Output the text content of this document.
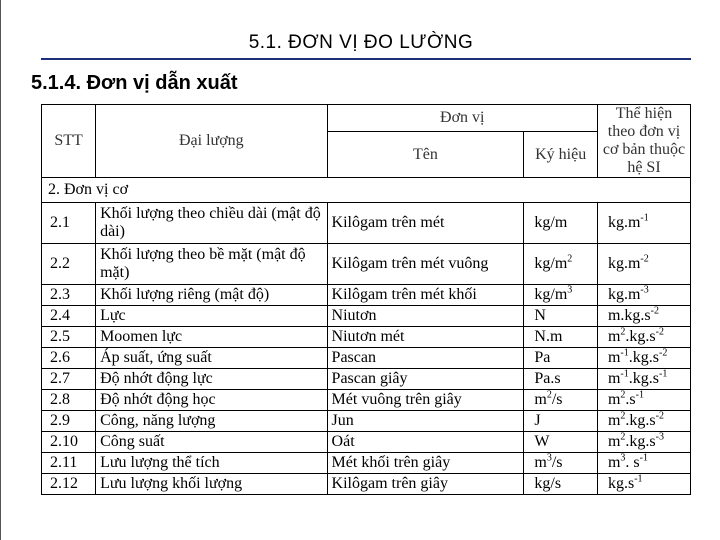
5.1. ĐƠN VỊ ĐO LƯỜNG
5.1.4. Đơn vị dẫn xuất
STT	Đại lượng	Đơn vị		Thể hiện theo đơn vị cơ bản thuộc hệ SI
		Tên	Ký hiệu	
2. Đơn vị cơ				
2.1	Khối lượng theo chiều dài (mật độ dài)	Kilôgam trên mét	kg/m	$kg.m^{-1}$
2.2	Khối lượng theo bề mặt (mật độ mặt)	Kilôgam trên mét vuông	$kg/m^2$	$kg.m^{-2}$
2.3	Khối lượng riêng (mật độ)	Kilôgam trên mét khối	$kg/m^3$	$kg.m^{-3}$
2.4	Lực	Niutơn	N	$m.kg.s^{-2}$
2.5	Moomen lực	Niutơn mét	N.m	$m^2.kg.s^{-2}$
2.6	Áp suất, ứng suất	Pascan	Pa	$m^{-1}.kg.s^{-2}$
2.7	Độ nhớt động lực	Pascan giây	Pa.s	$m^{-1}.kg.s^{-1}$
2.8	Độ nhớt động học	Mét vuông trên giây	$m^2/s$	$m^2.s^{-1}$
2.9	Công, năng lượng	Jun	J	$m^2.kg.s^{-2}$
2.10	Công suất	Oát	W	$m^2.kg.s^{-3}$
2.11	Lưu lượng thể tích	Mét khối trên giây	$m^3/s$	$m^3$. $s^{-1}$
2.12	Lưu lượng khối lượng	Kilôgam trên giây	kg/s	$kg.s^{-1}$
